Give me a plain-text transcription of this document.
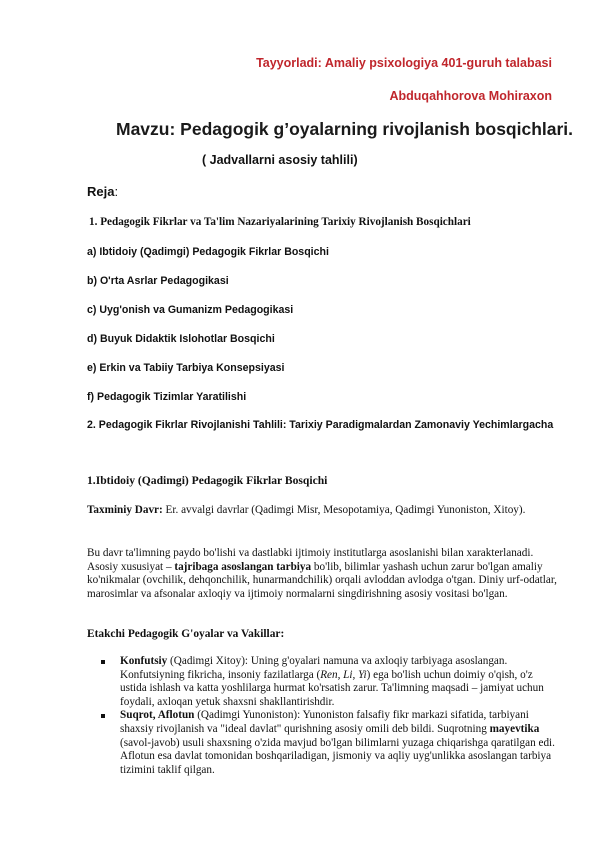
Tayyorladi: Amaliy psixologiya 401-guruh talabasi
Abduqahhorova Mohiraxon
Mavzu: Pedagogik g’oyalarning rivojlanish bosqichlari.
( Jadvallarni asosiy tahlili)
Reja:
1. Pedagogik Fikrlar va Ta'lim Nazariyalarining Tarixiy Rivojlanish Bosqichlari
a) Ibtidoiy (Qadimgi) Pedagogik Fikrlar Bosqichi
b) O'rta Asrlar Pedagogikasi
c) Uyg'onish va Gumanizm Pedagogikasi
d) Buyuk Didaktik Islohotlar Bosqichi
e) Erkin va Tabiiy Tarbiya Konsepsiyasi
f) Pedagogik Tizimlar Yaratilishi
2. Pedagogik Fikrlar Rivojlanishi Tahlili: Tarixiy Paradigmalardan Zamonaviy Yechimlargacha
1.Ibtidoiy (Qadimgi) Pedagogik Fikrlar Bosqichi
Taxminiy Davr: Er. avvalgi davrlar (Qadimgi Misr, Mesopotamiya, Qadimgi Yunoniston, Xitoy).
Bu davr ta'limning paydo bo'lishi va dastlabki ijtimoiy institutlarga asoslanishi bilan xarakterlanadi. Asosiy xususiyat – tajribaga asoslangan tarbiya bo'lib, bilimlar yashash uchun zarur bo'lgan amaliy ko'nikmalar (ovchilik, dehqonchilik, hunarmandchilik) orqali avloddan avlodga o'tgan. Diniy urf-odatlar, marosimlar va afsonalar axloqiy va ijtimoiy normalarni singdirishning asosiy vositasi bo'lgan.
Etakchi Pedagogik G'oyalar va Vakillar:
Konfutsiy (Qadimgi Xitoy): Uning g'oyalari namuna va axloqiy tarbiyaga asoslangan. Konfutsiyning fikricha, insoniy fazilatlarga (Ren, Li, Yi) ega bo'lish uchun doimiy o'qish, o'z ustida ishlash va katta yoshlilarga hurmat ko'rsatish zarur. Ta'limning maqsadi – jamiyat uchun foydali, axloqan yetuk shaxsni shakllantirishdir.
Suqrot, Aflotun (Qadimgi Yunoniston): Yunoniston falsafiy fikr markazi sifatida, tarbiyani shaxsiy rivojlanish va "ideal davlat" qurishning asosiy omili deb bildi. Suqrotning mayevtika (savol-javob) usuli shaxsning o'zida mavjud bo'lgan bilimlarni yuzaga chiqarishga qaratilgan edi. Aflotun esa davlat tomonidan boshqariladigan, jismoniy va aqliy uyg'unlikka asoslangan tarbiya tizimini taklif qilgan.
